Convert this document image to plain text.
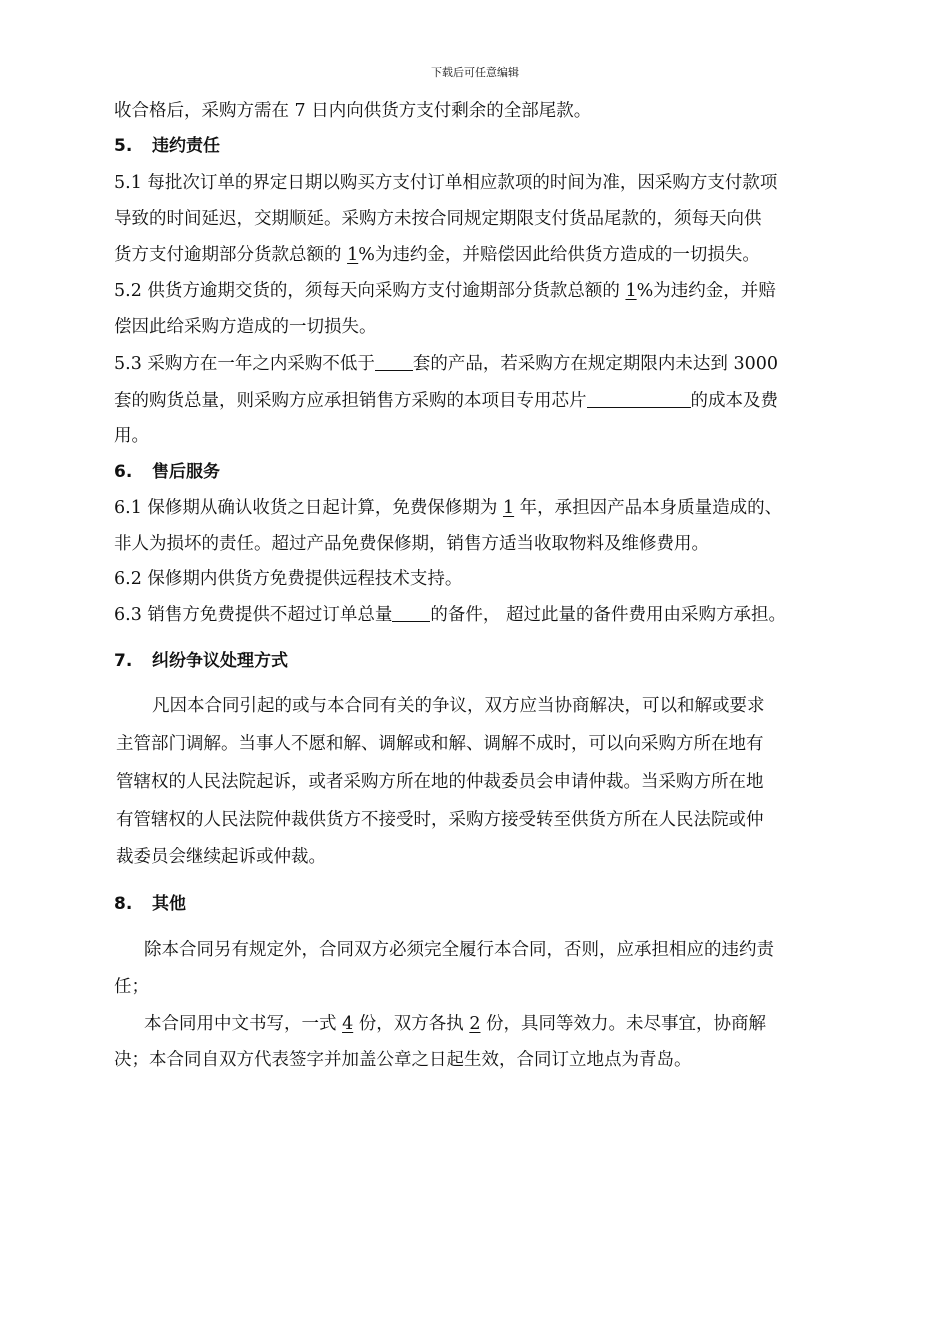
下载后可任意编辑
收合格后，采购方需在 7 日内向供货方支付剩余的全部尾款。
5. 违约责任
5.1 每批次订单的界定日期以购买方支付订单相应款项的时间为准，因采购方支付款项
导致的时间延迟，交期顺延。采购方未按合同规定期限支付货品尾款的，须每天向供
货方支付逾期部分货款总额的 1%为违约金，并赔偿因此给供货方造成的一切损失。
5.2 供货方逾期交货的，须每天向采购方支付逾期部分货款总额的 1%为违约金，并赔
偿因此给采购方造成的一切损失。
5.3 采购方在一年之内采购不低于 套的产品，若采购方在规定期限内未达到 3000
套的购货总量，则采购方应承担销售方采购的本项目专用芯片	的成本及费
用。
6. 售后服务
6.1 保修期从确认收货之日起计算，免费保修期为 1 年，承担因产品本身质量造成的、
非人为损坏的责任。超过产品免费保修期，销售方适当收取物料及维修费用。
6.2 保修期内供货方免费提供远程技术支持。
6.3 销售方免费提供不超过订单总量 的备件， 超过此量的备件费用由采购方承担。
7. 纠纷争议处理方式
凡因本合同引起的或与本合同有关的争议，双方应当协商解决，可以和解或要求
主管部门调解。当事人不愿和解、调解或和解、调解不成时，可以向采购方所在地有
管辖权的人民法院起诉，或者采购方所在地的仲裁委员会申请仲裁。当采购方所在地
有管辖权的人民法院仲裁供货方不接受时，采购方接受转至供货方所在人民法院或仲
裁委员会继续起诉或仲裁。
8. 其他
除本合同另有规定外，合同双方必须完全履行本合同，否则，应承担相应的违约责
任；
本合同用中文书写，一式 4 份，双方各执 2 份，具同等效力。未尽事宜，协商解
决；本合同自双方代表签字并加盖公章之日起生效，合同订立地点为青岛。
